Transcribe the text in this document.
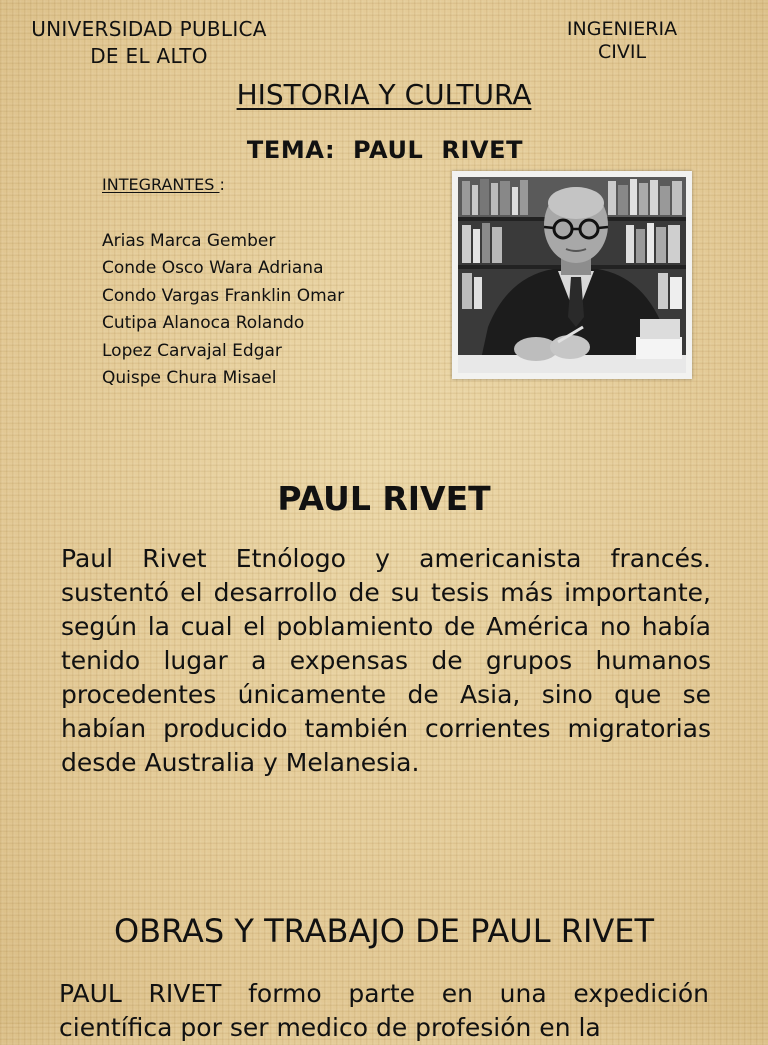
UNIVERSIDAD PUBLICA
DE EL ALTO
INGENIERIA
CIVIL
HISTORIA Y CULTURA
TEMA:  PAUL  RIVET
INTEGRANTES :
Arias Marca Gember
Conde Osco Wara Adriana
Condo Vargas Franklin Omar
Cutipa Alanoca Rolando
Lopez Carvajal Edgar
Quispe Chura Misael
PAUL RIVET

Paul Rivet Etnólogo y americanista francés. sustentó el desarrollo de su tesis más importante, según la cual el poblamiento de América no había tenido lugar a expensas de grupos humanos procedentes únicamente de Asia, sino que se habían producido también corrientes migratorias desde Australia y Melanesia.

OBRAS Y TRABAJO DE PAUL RIVET

PAUL RIVET formo parte en una expedición científica por ser medico de profesión en la
